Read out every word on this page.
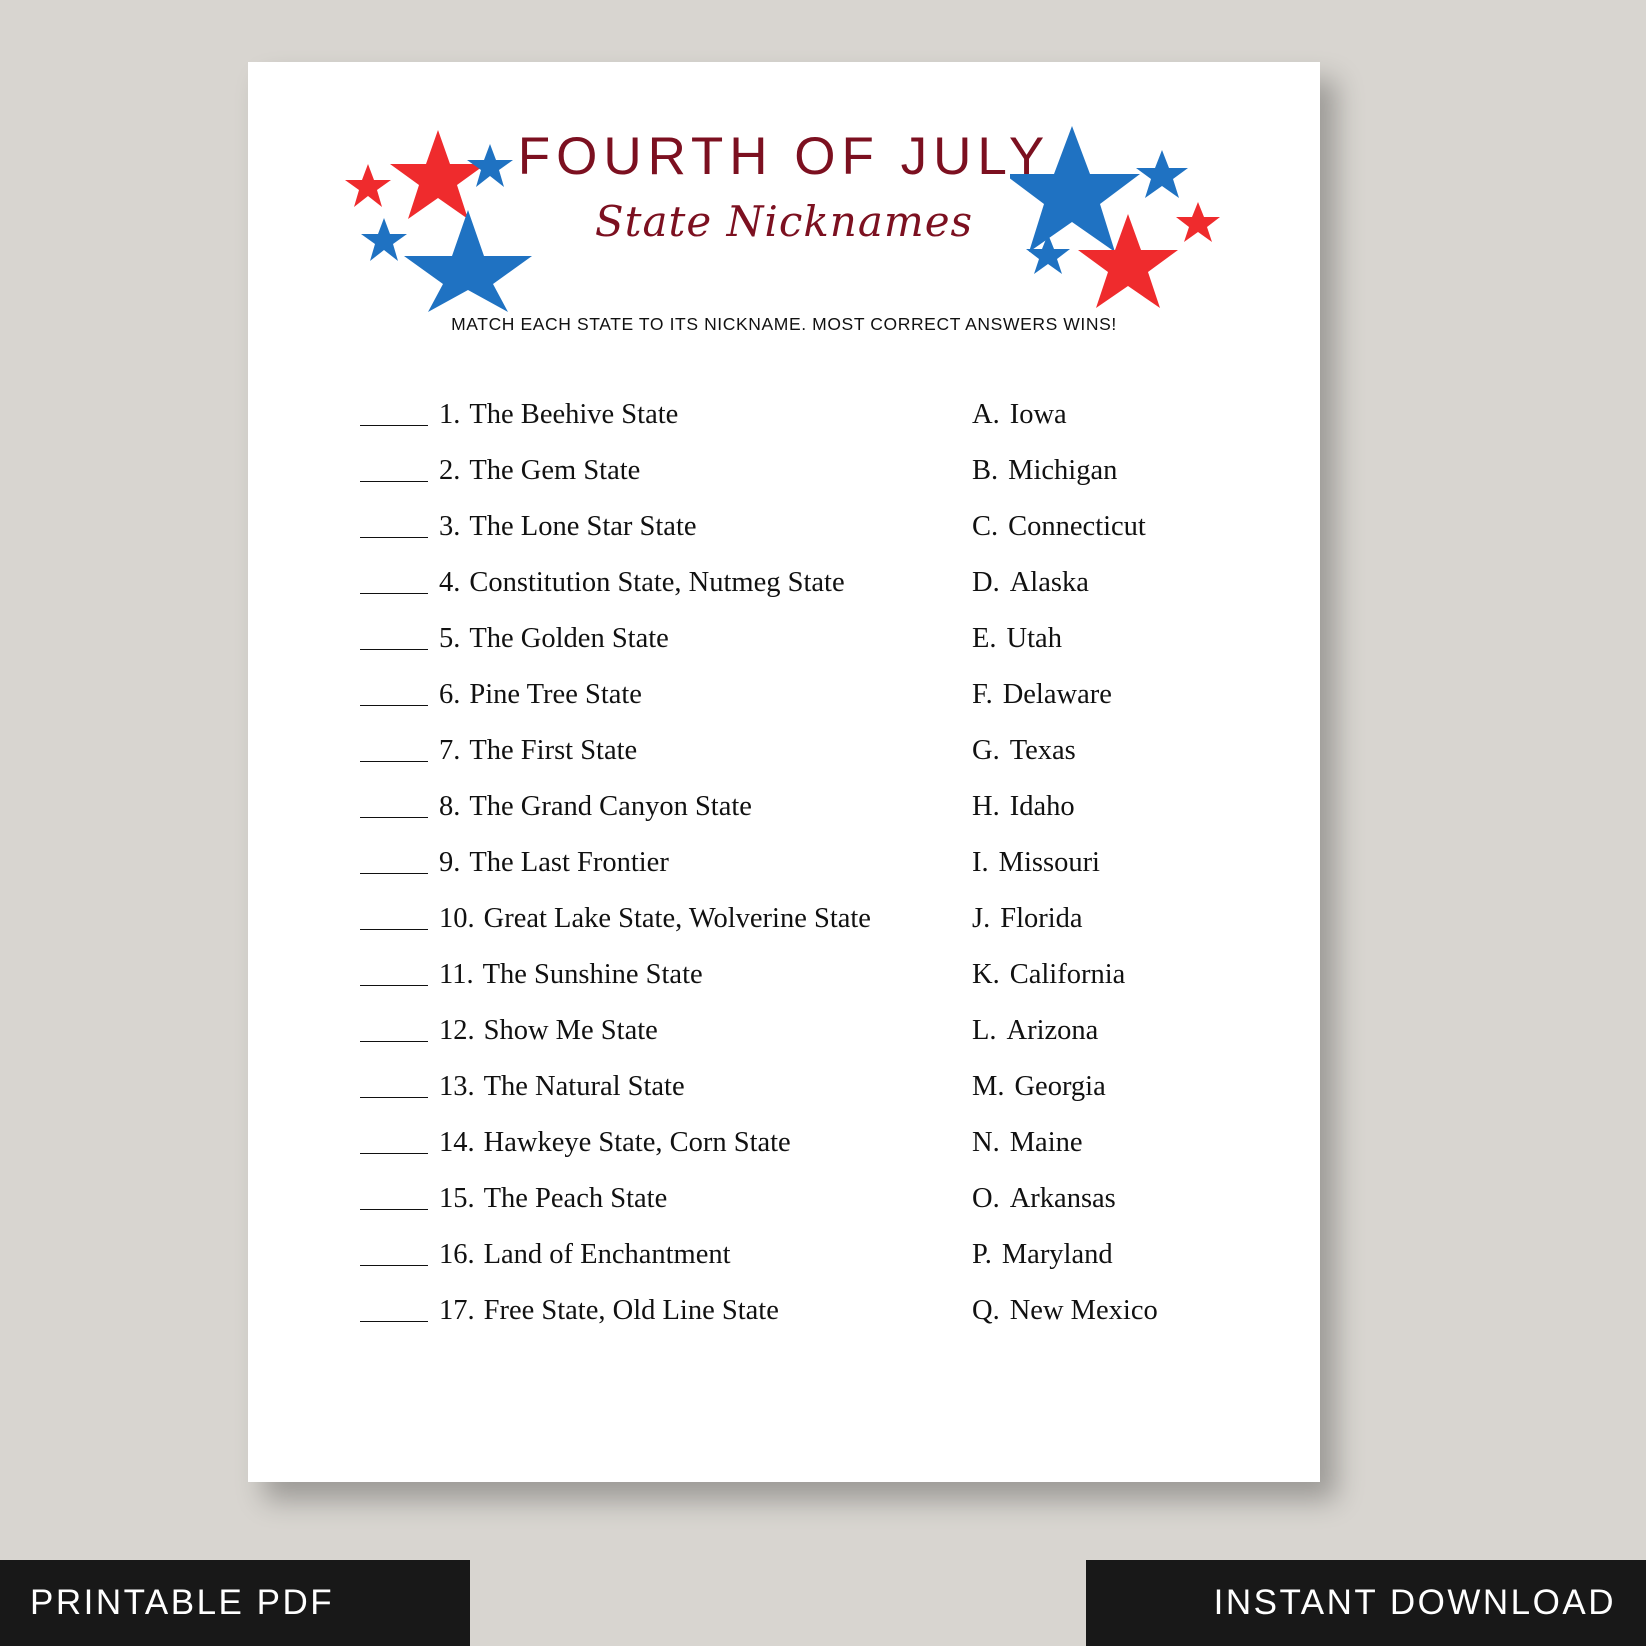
FOURTH OF JULY
State Nicknames
MATCH EACH STATE TO ITS NICKNAME. MOST CORRECT ANSWERS WINS!
1. The Beehive State
2. The Gem State
3. The Lone Star State
4. Constitution State, Nutmeg State
5. The Golden State
6. Pine Tree State
7. The First State
8. The Grand Canyon State
9. The Last Frontier
10. Great Lake State, Wolverine State
11. The Sunshine State
12. Show Me State
13. The Natural State
14. Hawkeye State, Corn State
15. The Peach State
16. Land of Enchantment
17. Free State, Old Line State
A. Iowa
B. Michigan
C. Connecticut
D. Alaska
E. Utah
F. Delaware
G. Texas
H. Idaho
I. Missouri
J. Florida
K. California
L. Arizona
M. Georgia
N. Maine
O. Arkansas
P. Maryland
Q. New Mexico
PRINTABLE PDF	INSTANT DOWNLOAD
